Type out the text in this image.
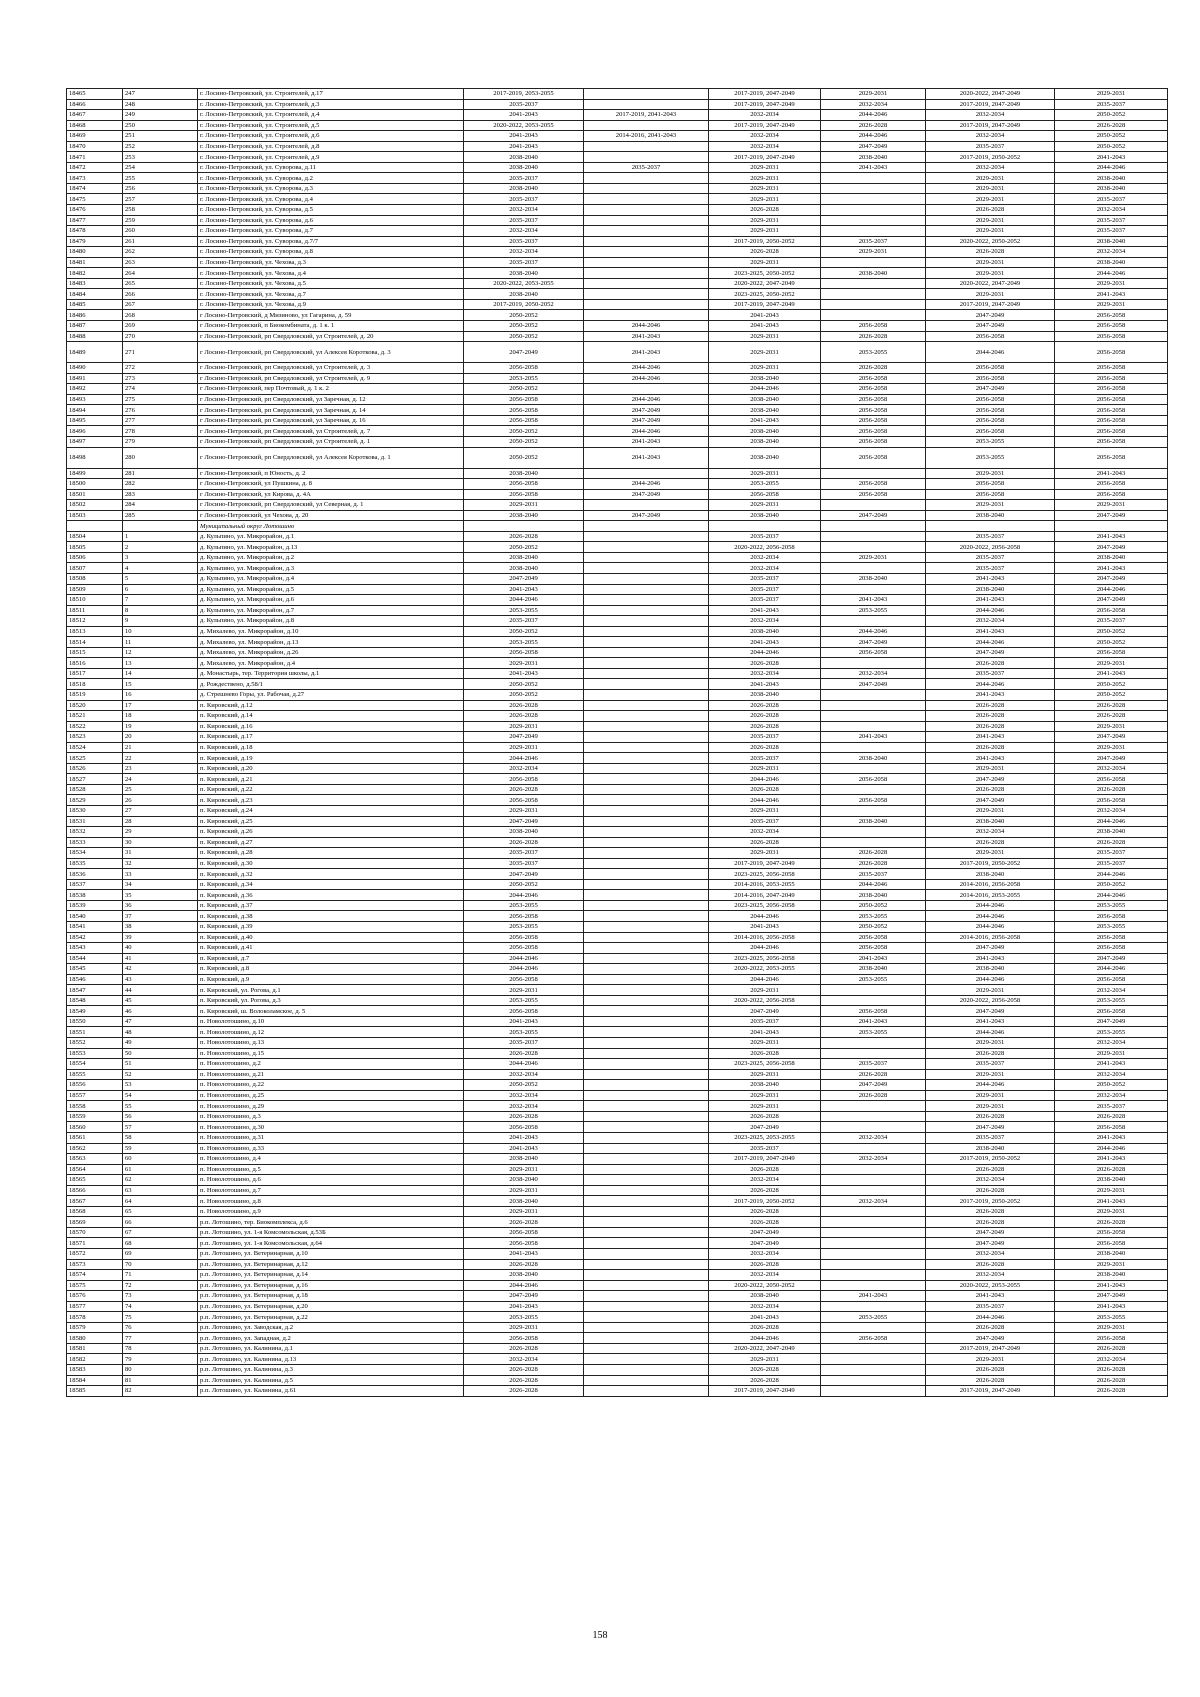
18465	247	г. Лосино-Петровский, ул. Строителей, д.17	2017-2019, 2053-2055		2017-2019, 2047-2049	2029-2031	2020-2022, 2047-2049	2029-2031
18466	248	г. Лосино-Петровский, ул. Строителей, д.3	2035-2037		2017-2019, 2047-2049	2032-2034	2017-2019, 2047-2049	2035-2037
18467	249	г. Лосино-Петровский, ул. Строителей, д.4	2041-2043	2017-2019, 2041-2043	2032-2034	2044-2046	2032-2034	2050-2052
18468	250	г. Лосино-Петровский, ул. Строителей, д.5	2020-2022, 2053-2055		2017-2019, 2047-2049	2026-2028	2017-2019, 2047-2049	2026-2028
18469	251	г. Лосино-Петровский, ул. Строителей, д.6	2041-2043	2014-2016, 2041-2043	2032-2034	2044-2046	2032-2034	2050-2052
18470	252	г. Лосино-Петровский, ул. Строителей, д.8	2041-2043		2032-2034	2047-2049	2035-2037	2050-2052
18471	253	г. Лосино-Петровский, ул. Строителей, д.9	2038-2040		2017-2019, 2047-2049	2038-2040	2017-2019, 2050-2052	2041-2043
18472	254	г. Лосино-Петровский, ул. Суворова, д.11	2038-2040	2035-2037	2029-2031	2041-2043	2032-2034	2044-2046
18473	255	г. Лосино-Петровский, ул. Суворова, д.2	2035-2037		2029-2031		2029-2031	2038-2040
18474	256	г. Лосино-Петровский, ул. Суворова, д.3	2038-2040		2029-2031		2029-2031	2038-2040
18475	257	г. Лосино-Петровский, ул. Суворова, д.4	2035-2037		2029-2031		2029-2031	2035-2037
18476	258	г. Лосино-Петровский, ул. Суворова, д.5	2032-2034		2026-2028		2026-2028	2032-2034
18477	259	г. Лосино-Петровский, ул. Суворова, д.6	2035-2037		2029-2031		2029-2031	2035-2037
18478	260	г. Лосино-Петровский, ул. Суворова, д.7	2032-2034		2029-2031		2029-2031	2035-2037
18479	261	г. Лосино-Петровский, ул. Суворова, д.7/7	2035-2037		2017-2019, 2050-2052	2035-2037	2020-2022, 2050-2052	2038-2040
18480	262	г. Лосино-Петровский, ул. Суворова, д.8	2032-2034		2026-2028	2029-2031	2026-2028	2032-2034
18481	263	г. Лосино-Петровский, ул. Чехова, д.3	2035-2037		2029-2031		2029-2031	2038-2040
18482	264	г. Лосино-Петровский, ул. Чехова, д.4	2038-2040		2023-2025, 2050-2052	2038-2040	2029-2031	2044-2046
18483	265	г. Лосино-Петровский, ул. Чехова, д.5	2020-2022, 2053-2055		2020-2022, 2047-2049		2020-2022, 2047-2049	2029-2031
18484	266	г. Лосино-Петровский, ул. Чехова, д.7	2038-2040		2023-2025, 2050-2052		2029-2031	2041-2043
18485	267	г. Лосино-Петровский, ул. Чехова, д.9	2017-2019, 2050-2052		2017-2019, 2047-2049		2017-2019, 2047-2049	2029-2031
18486	268	г Лосино-Петровский, д Мизиново, ул Гагарина, д. 59	2050-2052		2041-2043		2047-2049	2056-2058
18487	269	г Лосино-Петровский, п Биокомбината, д. 1 к. 1	2050-2052	2044-2046	2041-2043	2056-2058	2047-2049	2056-2058
18488	270	г Лосино-Петровский, рп Свердловский, ул Строителей, д. 20	2050-2052	2041-2043	2029-2031	2026-2028	2056-2058	2056-2058
18489	271	г Лосино-Петровский, рп Свердловский, ул Алексея Короткова, д. 3	2047-2049	2041-2043	2029-2031	2053-2055	2044-2046	2056-2058
18490	272	г Лосино-Петровский, рп Свердловский, ул Строителей, д. 3	2056-2058	2044-2046	2029-2031	2026-2028	2056-2058	2056-2058
18491	273	г Лосино-Петровский, рп Свердловский, ул Строителей, д. 9	2053-2055	2044-2046	2038-2040	2056-2058	2056-2058	2056-2058
18492	274	г Лосино-Петровский, пер Почтовый, д. 1 к. 2	2050-2052		2044-2046	2056-2058	2047-2049	2056-2058
18493	275	г Лосино-Петровский, рп Свердловский, ул Заречная, д. 12	2056-2058	2044-2046	2038-2040	2056-2058	2056-2058	2056-2058
18494	276	г Лосино-Петровский, рп Свердловский, ул Заречная, д. 14	2056-2058	2047-2049	2038-2040	2056-2058	2056-2058	2056-2058
18495	277	г Лосино-Петровский, рп Свердловский, ул Заречная, д. 16	2056-2058	2047-2049	2041-2043	2056-2058	2056-2058	2056-2058
18496	278	г Лосино-Петровский, рп Свердловский, ул Строителей, д. 7	2050-2052	2044-2046	2038-2040	2056-2058	2056-2058	2056-2058
18497	279	г Лосино-Петровский, рп Свердловский, ул Строителей, д. 1	2050-2052	2041-2043	2038-2040	2056-2058	2053-2055	2056-2058
18498	280	г Лосино-Петровский, рп Свердловский, ул Алексея Короткова, д. 1	2050-2052	2041-2043	2038-2040	2056-2058	2053-2055	2056-2058
18499	281	г Лосино-Петровский, п Юность, д. 2	2038-2040		2029-2031		2029-2031	2041-2043
18500	282	г Лосино-Петровский, ул Пушкина, д. 8	2056-2058	2044-2046	2053-2055	2056-2058	2056-2058	2056-2058
18501	283	г Лосино-Петровский, ул Кирова, д. 4А	2056-2058	2047-2049	2056-2058	2056-2058	2056-2058	2056-2058
18502	284	г Лосино-Петровский, рп Свердловский, ул Северная, д. 1	2029-2031		2029-2031		2029-2031	2029-2031
18503	285	г Лосино-Петровский, ул Чехова, д. 20	2038-2040	2047-2049	2038-2040	2047-2049	2038-2040	2047-2049
		Муниципальный округ Лотошино						
18504	1	д. Кульпино, ул. Микрорайон, д.1	2026-2028		2035-2037		2035-2037	2041-2043
18505	2	д. Кульпино, ул. Микрорайон, д.13	2050-2052		2020-2022, 2056-2058		2020-2022, 2056-2058	2047-2049
18506	3	д. Кульпино, ул. Микрорайон, д.2	2038-2040		2032-2034	2029-2031	2035-2037	2038-2040
18507	4	д. Кульпино, ул. Микрорайон, д.3	2038-2040		2032-2034		2035-2037	2041-2043
18508	5	д. Кульпино, ул. Микрорайон, д.4	2047-2049		2035-2037	2038-2040	2041-2043	2047-2049
18509	6	д. Кульпино, ул. Микрорайон, д.5	2041-2043		2035-2037		2038-2040	2044-2046
18510	7	д. Кульпино, ул. Микрорайон, д.6	2044-2046		2035-2037	2041-2043	2041-2043	2047-2049
18511	8	д. Кульпино, ул. Микрорайон, д.7	2053-2055		2041-2043	2053-2055	2044-2046	2056-2058
18512	9	д. Кульпино, ул. Микрорайон, д.8	2035-2037		2032-2034		2032-2034	2035-2037
18513	10	д. Михалево, ул. Микрорайон, д.10	2050-2052		2038-2040	2044-2046	2041-2043	2050-2052
18514	11	д. Михалево, ул. Микрорайон, д.13	2053-2055		2041-2043	2047-2049	2044-2046	2050-2052
18515	12	д. Михалево, ул. Микрорайон, д.26	2056-2058		2044-2046	2056-2058	2047-2049	2056-2058
18516	13	д. Михалево, ул. Микрорайон, д.4	2029-2031		2026-2028		2026-2028	2029-2031
18517	14	д. Монастырь, тер. Территория школы, д.1	2041-2043		2032-2034	2032-2034	2035-2037	2041-2043
18518	15	д. Рождествено, д.58/1	2050-2052		2041-2043	2047-2049	2044-2046	2050-2052
18519	16	д. Стрешнево Горы, ул. Рабочая, д.27	2050-2052		2038-2040		2041-2043	2050-2052
18520	17	п. Кировский, д.12	2026-2028		2026-2028		2026-2028	2026-2028
18521	18	п. Кировский, д.14	2026-2028		2026-2028		2026-2028	2026-2028
18522	19	п. Кировский, д.16	2029-2031		2026-2028		2026-2028	2029-2031
18523	20	п. Кировский, д.17	2047-2049		2035-2037	2041-2043	2041-2043	2047-2049
18524	21	п. Кировский, д.18	2029-2031		2026-2028		2026-2028	2029-2031
18525	22	п. Кировский, д.19	2044-2046		2035-2037	2038-2040	2041-2043	2047-2049
18526	23	п. Кировский, д.20	2032-2034		2029-2031		2029-2031	2032-2034
18527	24	п. Кировский, д.21	2056-2058		2044-2046	2056-2058	2047-2049	2056-2058
18528	25	п. Кировский, д.22	2026-2028		2026-2028		2026-2028	2026-2028
18529	26	п. Кировский, д.23	2056-2058		2044-2046	2056-2058	2047-2049	2056-2058
18530	27	п. Кировский, д.24	2029-2031		2029-2031		2029-2031	2032-2034
18531	28	п. Кировский, д.25	2047-2049		2035-2037	2038-2040	2038-2040	2044-2046
18532	29	п. Кировский, д.26	2038-2040		2032-2034		2032-2034	2038-2040
18533	30	п. Кировский, д.27	2026-2028		2026-2028		2026-2028	2026-2028
18534	31	п. Кировский, д.28	2035-2037		2029-2031	2026-2028	2029-2031	2035-2037
18535	32	п. Кировский, д.30	2035-2037		2017-2019, 2047-2049	2026-2028	2017-2019, 2050-2052	2035-2037
18536	33	п. Кировский, д.32	2047-2049		2023-2025, 2056-2058	2035-2037	2038-2040	2044-2046
18537	34	п. Кировский, д.34	2050-2052		2014-2016, 2053-2055	2044-2046	2014-2016, 2056-2058	2050-2052
18538	35	п. Кировский, д.36	2044-2046		2014-2016, 2047-2049	2038-2040	2014-2016, 2053-2055	2044-2046
18539	36	п. Кировский, д.37	2053-2055		2023-2025, 2056-2058	2050-2052	2044-2046	2053-2055
18540	37	п. Кировский, д.38	2056-2058		2044-2046	2053-2055	2044-2046	2056-2058
18541	38	п. Кировский, д.39	2053-2055		2041-2043	2050-2052	2044-2046	2053-2055
18542	39	п. Кировский, д.40	2056-2058		2014-2016, 2056-2058	2056-2058	2014-2016, 2056-2058	2056-2058
18543	40	п. Кировский, д.41	2056-2058		2044-2046	2056-2058	2047-2049	2056-2058
18544	41	п. Кировский, д.7	2044-2046		2023-2025, 2056-2058	2041-2043	2041-2043	2047-2049
18545	42	п. Кировский, д.8	2044-2046		2020-2022, 2053-2055	2038-2040	2038-2040	2044-2046
18546	43	п. Кировский, д.9	2056-2058		2044-2046	2053-2055	2044-2046	2056-2058
18547	44	п. Кировский, ул. Рогова, д.1	2029-2031		2029-2031		2029-2031	2032-2034
18548	45	п. Кировский, ул. Рогова, д.3	2053-2055		2020-2022, 2056-2058		2020-2022, 2056-2058	2053-2055
18549	46	п. Кировский, ш. Волоколамское, д. 5	2056-2058		2047-2049	2056-2058	2047-2049	2056-2058
18550	47	п. Новолотошино, д.10	2041-2043		2035-2037	2041-2043	2041-2043	2047-2049
18551	48	п. Новолотошино, д.12	2053-2055		2041-2043	2053-2055	2044-2046	2053-2055
18552	49	п. Новолотошино, д.13	2035-2037		2029-2031		2029-2031	2032-2034
18553	50	п. Новолотошино, д.15	2026-2028		2026-2028		2026-2028	2029-2031
18554	51	п. Новолотошино, д.2	2044-2046		2023-2025, 2056-2058	2035-2037	2035-2037	2041-2043
18555	52	п. Новолотошино, д.21	2032-2034		2029-2031	2026-2028	2029-2031	2032-2034
18556	53	п. Новолотошино, д.22	2050-2052		2038-2040	2047-2049	2044-2046	2050-2052
18557	54	п. Новолотошино, д.25	2032-2034		2029-2031	2026-2028	2029-2031	2032-2034
18558	55	п. Новолотошино, д.29	2032-2034		2029-2031		2029-2031	2035-2037
18559	56	п. Новолотошино, д.3	2026-2028		2026-2028		2026-2028	2026-2028
18560	57	п. Новолотошино, д.30	2056-2058		2047-2049		2047-2049	2056-2058
18561	58	п. Новолотошино, д.31	2041-2043		2023-2025, 2053-2055	2032-2034	2035-2037	2041-2043
18562	59	п. Новолотошино, д.33	2041-2043		2035-2037		2038-2040	2044-2046
18563	60	п. Новолотошино, д.4	2038-2040		2017-2019, 2047-2049	2032-2034	2017-2019, 2050-2052	2041-2043
18564	61	п. Новолотошино, д.5	2029-2031		2026-2028		2026-2028	2026-2028
18565	62	п. Новолотошино, д.6	2038-2040		2032-2034		2032-2034	2038-2040
18566	63	п. Новолотошино, д.7	2029-2031		2026-2028		2026-2028	2029-2031
18567	64	п. Новолотошино, д.8	2038-2040		2017-2019, 2050-2052	2032-2034	2017-2019, 2050-2052	2041-2043
18568	65	п. Новолотошино, д.9	2029-2031		2026-2028		2026-2028	2029-2031
18569	66	р.п. Лотошино, тер. Биокомплекса, д.6	2026-2028		2026-2028		2026-2028	2026-2028
18570	67	р.п. Лотошино, ул. 1-я Комсомольская, д.53Б	2056-2058		2047-2049		2047-2049	2056-2058
18571	68	р.п. Лотошино, ул. 1-я Комсомольская, д.64	2056-2058		2047-2049		2047-2049	2056-2058
18572	69	р.п. Лотошино, ул. Ветеринарная, д.10	2041-2043		2032-2034		2032-2034	2038-2040
18573	70	р.п. Лотошино, ул. Ветеринарная, д.12	2026-2028		2026-2028		2026-2028	2029-2031
18574	71	р.п. Лотошино, ул. Ветеринарная, д.14	2038-2040		2032-2034		2032-2034	2038-2040
18575	72	р.п. Лотошино, ул. Ветеринарная, д.16	2044-2046		2020-2022, 2050-2052		2020-2022, 2053-2055	2041-2043
18576	73	р.п. Лотошино, ул. Ветеринарная, д.18	2047-2049		2038-2040	2041-2043	2041-2043	2047-2049
18577	74	р.п. Лотошино, ул. Ветеринарная, д.20	2041-2043		2032-2034		2035-2037	2041-2043
18578	75	р.п. Лотошино, ул. Ветеринарная, д.22	2053-2055		2041-2043	2053-2055	2044-2046	2053-2055
18579	76	р.п. Лотошино, ул. Заводская, д.2	2029-2031		2026-2028		2026-2028	2029-2031
18580	77	р.п. Лотошино, ул. Западная, д.2	2056-2058		2044-2046	2056-2058	2047-2049	2056-2058
18581	78	р.п. Лотошино, ул. Калинина, д.1	2026-2028		2020-2022, 2047-2049		2017-2019, 2047-2049	2026-2028
18582	79	р.п. Лотошино, ул. Калинина, д.13	2032-2034		2029-2031		2029-2031	2032-2034
18583	80	р.п. Лотошино, ул. Калинина, д.3	2026-2028		2026-2028		2026-2028	2026-2028
18584	81	р.п. Лотошино, ул. Калинина, д.5	2026-2028		2026-2028		2026-2028	2026-2028
18585	82	р.п. Лотошино, ул. Калинина, д.61	2026-2028		2017-2019, 2047-2049		2017-2019, 2047-2049	2026-2028
158
